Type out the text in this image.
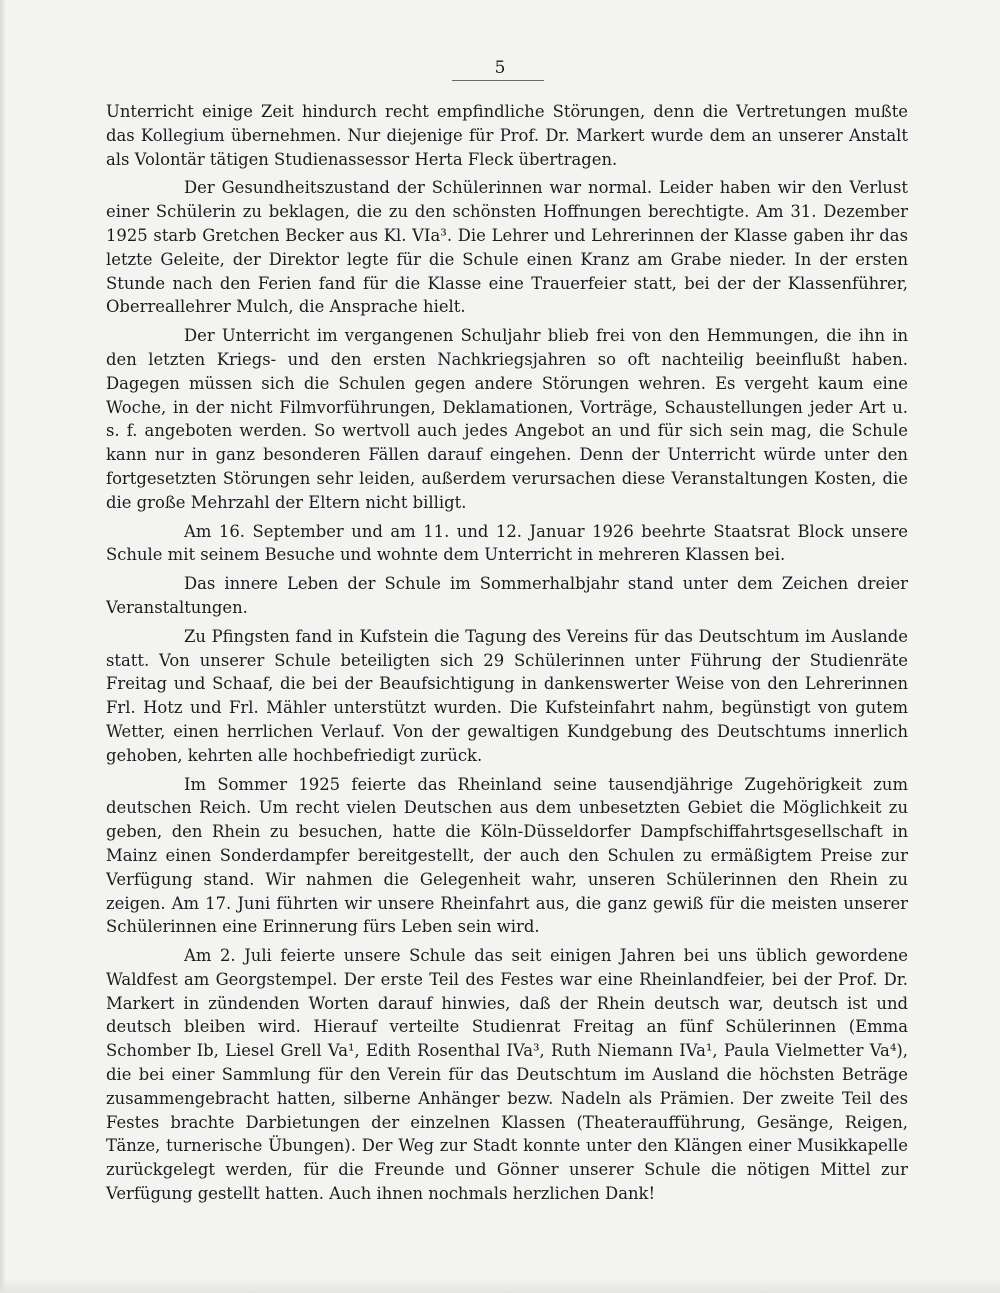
5

Unterricht einige Zeit hindurch recht empfindliche Störungen, denn die Vertretungen mußte das Kollegium übernehmen. Nur diejenige für Prof. Dr. Markert wurde dem an unserer Anstalt als Volontär tätigen Studienassessor Herta Fleck übertragen.

Der Gesundheitszustand der Schülerinnen war normal. Leider haben wir den Verlust einer Schülerin zu beklagen, die zu den schönsten Hoffnungen berechtigte. Am 31. Dezember 1925 starb Gretchen Becker aus Kl. VIa³. Die Lehrer und Lehrerinnen der Klasse gaben ihr das letzte Geleite, der Direktor legte für die Schule einen Kranz am Grabe nieder. In der ersten Stunde nach den Ferien fand für die Klasse eine Trauerfeier statt, bei der der Klassenführer, Oberreallehrer Mulch, die Ansprache hielt.

Der Unterricht im vergangenen Schuljahr blieb frei von den Hemmungen, die ihn in den letzten Kriegs- und den ersten Nachkriegsjahren so oft nachteilig beeinflußt haben. Dagegen müssen sich die Schulen gegen andere Störungen wehren. Es vergeht kaum eine Woche, in der nicht Filmvorführungen, Deklamationen, Vorträge, Schaustellungen jeder Art u. s. f. angeboten werden. So wertvoll auch jedes Angebot an und für sich sein mag, die Schule kann nur in ganz besonderen Fällen darauf eingehen. Denn der Unterricht würde unter den fortgesetzten Störungen sehr leiden, außerdem verursachen diese Veranstaltungen Kosten, die die große Mehrzahl der Eltern nicht billigt.

Am 16. September und am 11. und 12. Januar 1926 beehrte Staatsrat Block unsere Schule mit seinem Besuche und wohnte dem Unterricht in mehreren Klassen bei.

Das innere Leben der Schule im Sommerhalbjahr stand unter dem Zeichen dreier Veranstaltungen.

Zu Pfingsten fand in Kufstein die Tagung des Vereins für das Deutschtum im Auslande statt. Von unserer Schule beteiligten sich 29 Schülerinnen unter Führung der Studienräte Freitag und Schaaf, die bei der Beaufsichtigung in dankenswerter Weise von den Lehrerinnen Frl. Hotz und Frl. Mähler unterstützt wurden. Die Kufsteinfahrt nahm, begünstigt von gutem Wetter, einen herrlichen Verlauf. Von der gewaltigen Kundgebung des Deutschtums innerlich gehoben, kehrten alle hochbefriedigt zurück.

Im Sommer 1925 feierte das Rheinland seine tausendjährige Zugehörigkeit zum deutschen Reich. Um recht vielen Deutschen aus dem unbesetzten Gebiet die Möglichkeit zu geben, den Rhein zu besuchen, hatte die Köln-Düsseldorfer Dampfschiffahrtsgesellschaft in Mainz einen Sonderdampfer bereitgestellt, der auch den Schulen zu ermäßigtem Preise zur Verfügung stand. Wir nahmen die Gelegenheit wahr, unseren Schülerinnen den Rhein zu zeigen. Am 17. Juni führten wir unsere Rheinfahrt aus, die ganz gewiß für die meisten unserer Schülerinnen eine Erinnerung fürs Leben sein wird.

Am 2. Juli feierte unsere Schule das seit einigen Jahren bei uns üblich gewordene Waldfest am Georgstempel. Der erste Teil des Festes war eine Rheinlandfeier, bei der Prof. Dr. Markert in zündenden Worten darauf hinwies, daß der Rhein deutsch war, deutsch ist und deutsch bleiben wird. Hierauf verteilte Studienrat Freitag an fünf Schülerinnen (Emma Schomber Ib, Liesel Grell Va¹, Edith Rosenthal IVa³, Ruth Niemann IVa¹, Paula Vielmetter Va⁴), die bei einer Sammlung für den Verein für das Deutschtum im Ausland die höchsten Beträge zusammengebracht hatten, silberne Anhänger bezw. Nadeln als Prämien. Der zweite Teil des Festes brachte Darbietungen der einzelnen Klassen (Theateraufführung, Gesänge, Reigen, Tänze, turnerische Übungen). Der Weg zur Stadt konnte unter den Klängen einer Musikkapelle zurückgelegt werden, für die Freunde und Gönner unserer Schule die nötigen Mittel zur Verfügung gestellt hatten. Auch ihnen nochmals herzlichen Dank!
